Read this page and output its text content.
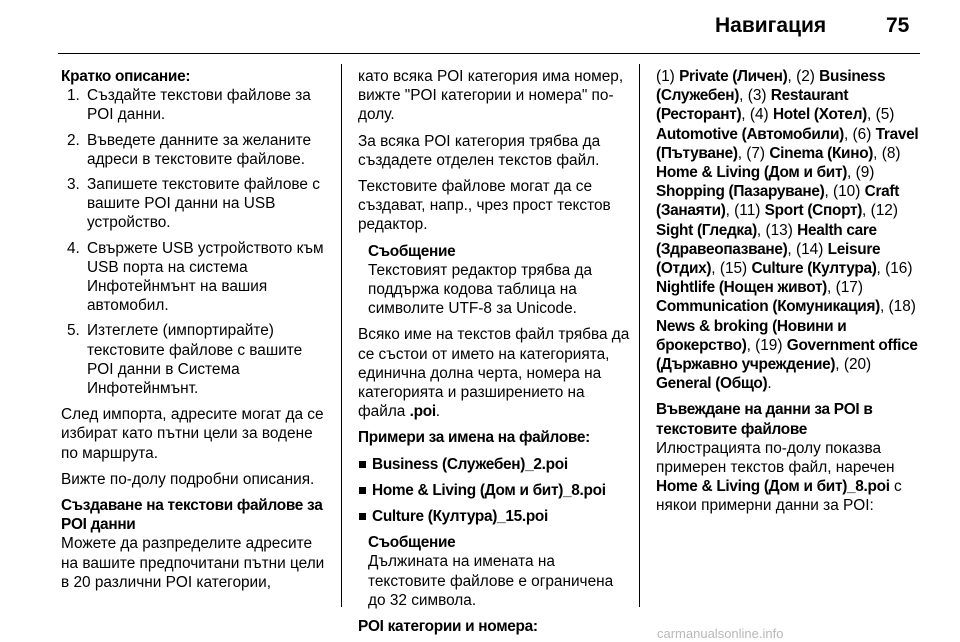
Навигация	75
Кратко описание:
1. Създайте текстови файлове за POI данни.
2. Въведете данните за желаните адреси в текстовите файлове.
3. Запишете текстовите файлове с вашите POI данни на USB устройство.
4. Свържете USB устройството към USB порта на система Инфотейнмънт на вашия автомобил.
5. Изтеглете (импортирайте) текстовите файлове с вашите POI данни в Система Инфотейнмънт.

След импорта, адресите могат да се избират като пътни цели за водене по маршрута.

Вижте по-долу подробни описания.

Създаване на текстови файлове за POI данни

Можете да разпределите адресите на вашите предпочитани пътни цели в 20 различни POI категории,

като всяка POI категория има номер, вижте "POI категории и номера" по-долу.

За всяка POI категория трябва да създадете отделен текстов файл.

Текстовите файлове могат да се създават, напр., чрез прост текстов редактор.

Съобщение
Текстовият редактор трябва да поддържа кодова таблица на символите UTF-8 за Unicode.

Всяко име на текстов файл трябва да се състои от името на категорията, единична долна черта, номера на категорията и разширението на файла .poi.

Примери за имена на файлове:
Business (Служебен)_2.poi
Home & Living (Дом и бит)_8.poi
Culture (Култура)_15.poi
Съобщение
Дължината на имената на текстовите файлове е ограничена до 32 символа.
POI категории и номера:

(1) Private (Личен), (2) Business (Служебен), (3) Restaurant (Ресторант), (4) Hotel (Хотел), (5) Automotive (Автомобили), (6) Travel (Пътуване), (7) Cinema (Кино), (8) Home & Living (Дом и бит), (9) Shopping (Пазаруване), (10) Craft (Занаяти), (11) Sport (Спорт), (12) Sight (Гледка), (13) Health care (Здравеопазване), (14) Leisure (Отдих), (15) Culture (Култура), (16) Nightlife (Нощен живот), (17) Communication (Комуникация), (18) News & broking (Новини и брокерство), (19) Government office (Държавно учреждение), (20) General (Общо).

Въвеждане на данни за POI в текстовите файлове

Илюстрацията по-долу показва примерен текстов файл, наречен Home & Living (Дом и бит)_8.poi с някои примерни данни за POI:

carmanualsonline.info
